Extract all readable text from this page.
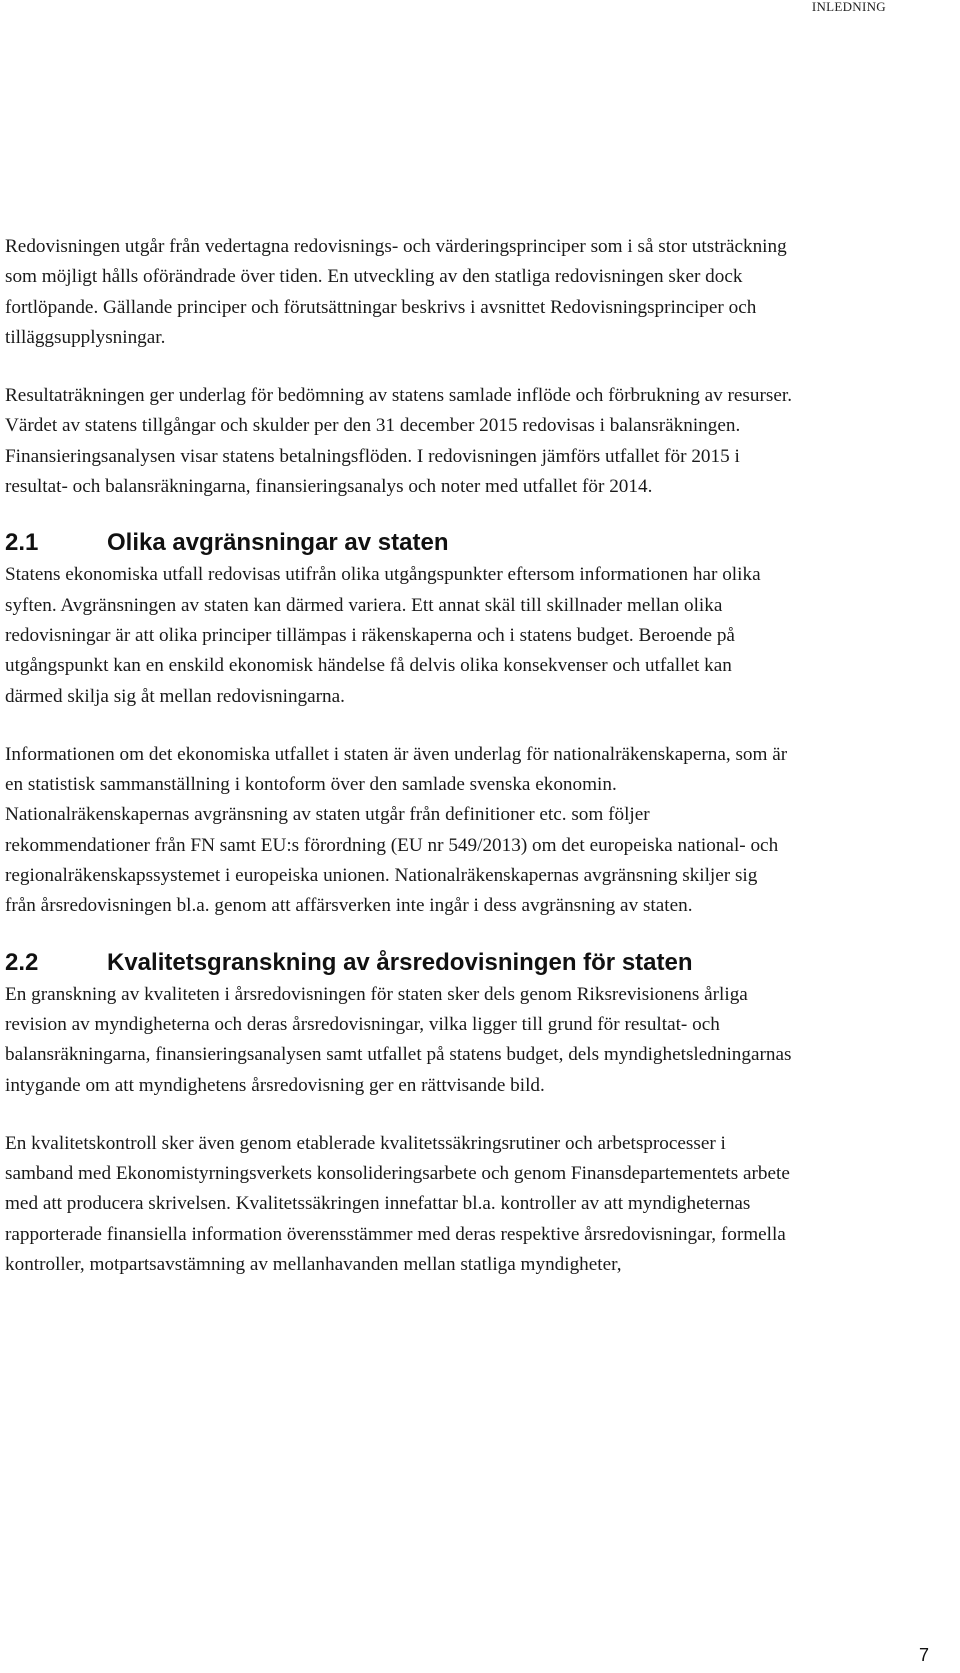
INLEDNING

Redovisningen utgår från vedertagna redovisnings- och värderingsprinciper som i så stor utsträckning som möjligt hålls oförändrade över tiden. En utveckling av den statliga redovisningen sker dock fortlöpande. Gällande principer och förutsättningar beskrivs i avsnittet Redovisningsprinciper och tilläggsupplysningar.

Resultaträkningen ger underlag för bedömning av statens samlade inflöde och förbrukning av resurser. Värdet av statens tillgångar och skulder per den 31 december 2015 redovisas i balansräkningen. Finansieringsanalysen visar statens betalningsflöden. I redovisningen jämförs utfallet för 2015 i resultat- och balansräkningarna, finansieringsanalys och noter med utfallet för 2014.

2.1	Olika avgränsningar av staten

Statens ekonomiska utfall redovisas utifrån olika utgångspunkter eftersom informationen har olika syften. Avgränsningen av staten kan därmed variera. Ett annat skäl till skillnader mellan olika redovisningar är att olika principer tillämpas i räkenskaperna och i statens budget. Beroende på utgångspunkt kan en enskild ekonomisk händelse få delvis olika konsekvenser och utfallet kan därmed skilja sig åt mellan redovisningarna.

Informationen om det ekonomiska utfallet i staten är även underlag för nationalräkenskaperna, som är en statistisk sammanställning i kontoform över den samlade svenska ekonomin. Nationalräkenskapernas avgränsning av staten utgår från definitioner etc. som följer rekommendationer från FN samt EU:s förordning (EU nr 549/2013) om det europeiska national- och regionalräkenskapssystemet i europeiska unionen. Nationalräkenskapernas avgränsning skiljer sig från årsredovisningen bl.a. genom att affärsverken inte ingår i dess avgränsning av staten.

2.2	Kvalitetsgranskning av årsredovisningen för staten

En granskning av kvaliteten i årsredovisningen för staten sker dels genom Riksrevisionens årliga revision av myndigheterna och deras årsredovisningar, vilka ligger till grund för resultat- och balansräkningarna, finansieringsanalysen samt utfallet på statens budget, dels myndighetsledningarnas intygande om att myndighetens årsredovisning ger en rättvisande bild.

En kvalitetskontroll sker även genom etablerade kvalitetssäkringsrutiner och arbetsprocesser i samband med Ekonomistyrningsverkets konsolideringsarbete och genom Finansdepartementets arbete med att producera skrivelsen. Kvalitetssäkringen innefattar bl.a. kontroller av att myndigheternas rapporterade finansiella information överensstämmer med deras respektive årsredovisningar, formella kontroller, motpartsavstämning av mellanhavanden mellan statliga myndigheter,

7
